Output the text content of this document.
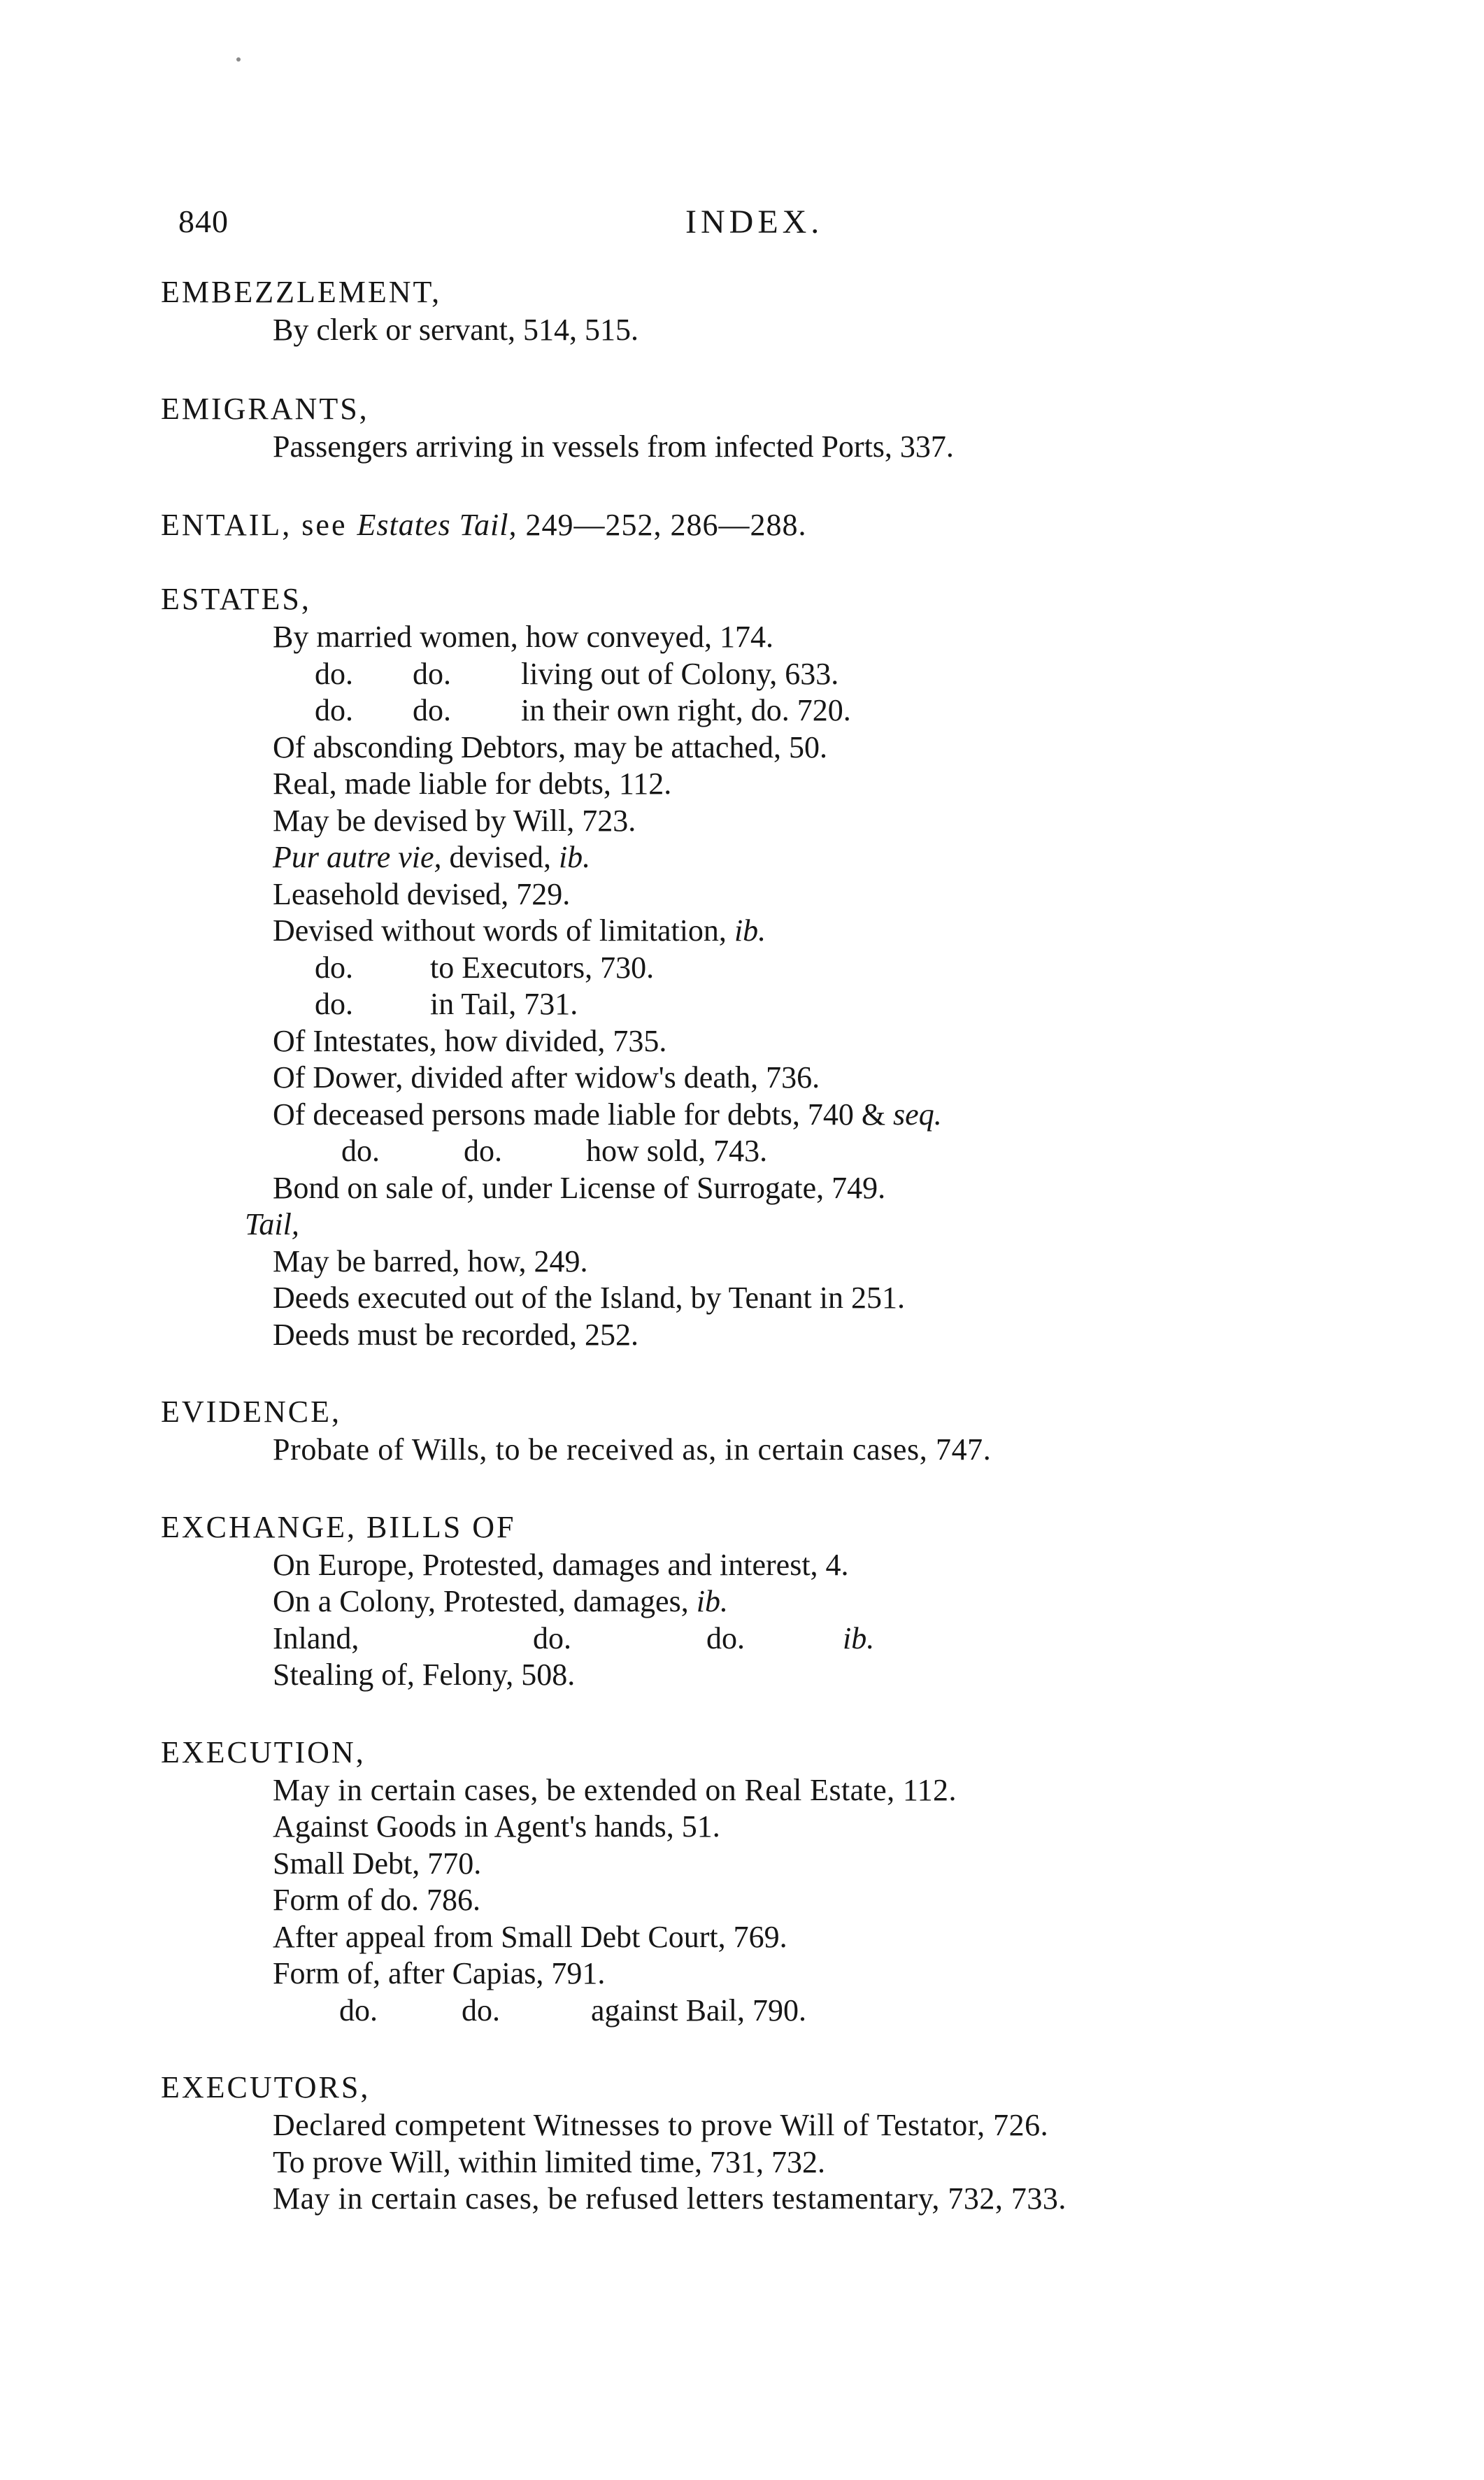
840	INDEX.
EMBEZZLEMENT,
By clerk or servant, 514, 515.
EMIGRANTS,
Passengers arriving in vessels from infected Ports, 337.
ENTAIL, see Estates Tail, 249—252, 286—288.
ESTATES,
By married women, how conveyed, 174.
do. do. living out of Colony, 633.
do. do. in their own right, do. 720.
Of absconding Debtors, may be attached, 50.
Real, made liable for debts, 112.
May be devised by Will, 723.
Pur autre vie, devised, ib.
Leasehold devised, 729.
Devised without words of limitation, ib.
do.	to Executors, 730.
do.	in Tail, 731.
Of Intestates, how divided, 735.
Of Dower, divided after widow's death, 736.
Of deceased persons made liable for debts, 740 & seq.
do.	do.	how sold, 743.
Bond on sale of, under License of Surrogate, 749.
Tail,
May be barred, how, 249.
Deeds executed out of the Island, by Tenant in 251.
Deeds must be recorded, 252.
EVIDENCE,
Probate of Wills, to be received as, in certain cases, 747.
EXCHANGE, BILLS OF
On Europe, Protested, damages and interest, 4.
On a Colony, Protested, damages, ib.
Inland,	do.	do.	ib.
Stealing of, Felony, 508.
EXECUTION,
May in certain cases, be extended on Real Estate, 112.
Against Goods in Agent's hands, 51.
Small Debt, 770.
Form of do. 786.
After appeal from Small Debt Court, 769.
Form of, after Capias, 791.
do.	do.	against Bail, 790.
EXECUTORS,
Declared competent Witnesses to prove Will of Testator, 726.
To prove Will, within limited time, 731, 732.
May in certain cases, be refused letters testamentary, 732, 733.
